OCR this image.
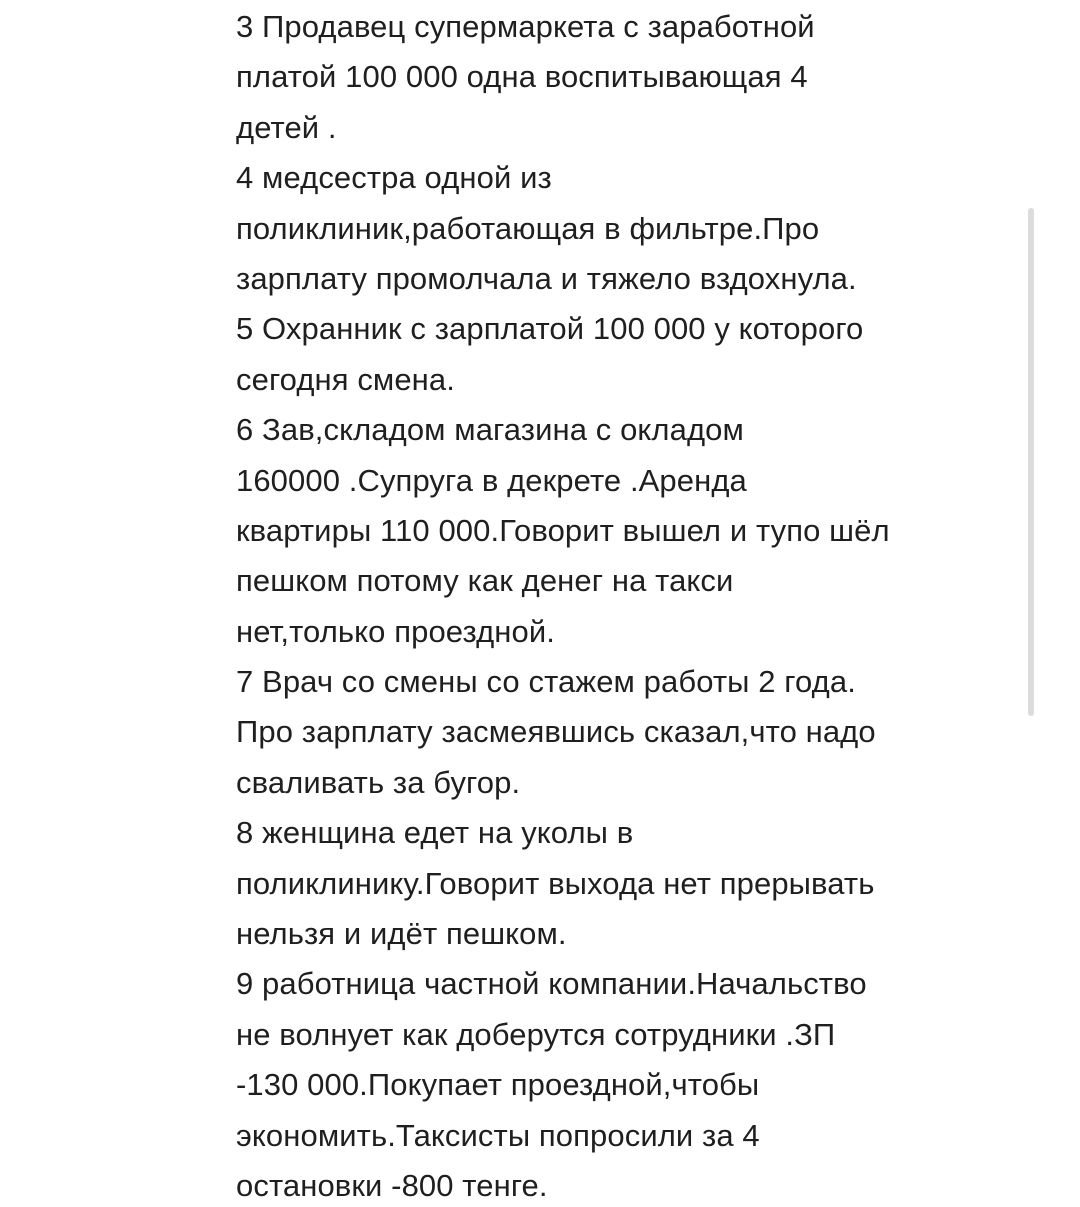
3 Продавец супермаркета с заработной
платой 100 000 одна воспитывающая 4
детей .
4 медсестра одной из
поликлиник,работающая в фильтре.Про
зарплату промолчала и тяжело вздохнула.
5 Охранник с зарплатой 100 000 у которого
сегодня смена.
6 Зав,складом магазина с окладом
160000 .Супруга в декрете .Аренда
квартиры 110 000.Говорит вышел и тупо шёл
пешком потому как денег на такси
нет,только проездной.
7 Врач со смены со стажем работы 2 года.
Про зарплату засмеявшись сказал,что надо
сваливать за бугор.
8 женщина едет на уколы в
поликлинику.Говорит выхода нет прерывать
нельзя и идёт пешком.
9 работница частной компании.Начальство
не волнует как доберутся сотрудники .ЗП
-130 000.Покупает проездной,чтобы
экономить.Таксисты попросили за 4
остановки -800 тенге.
